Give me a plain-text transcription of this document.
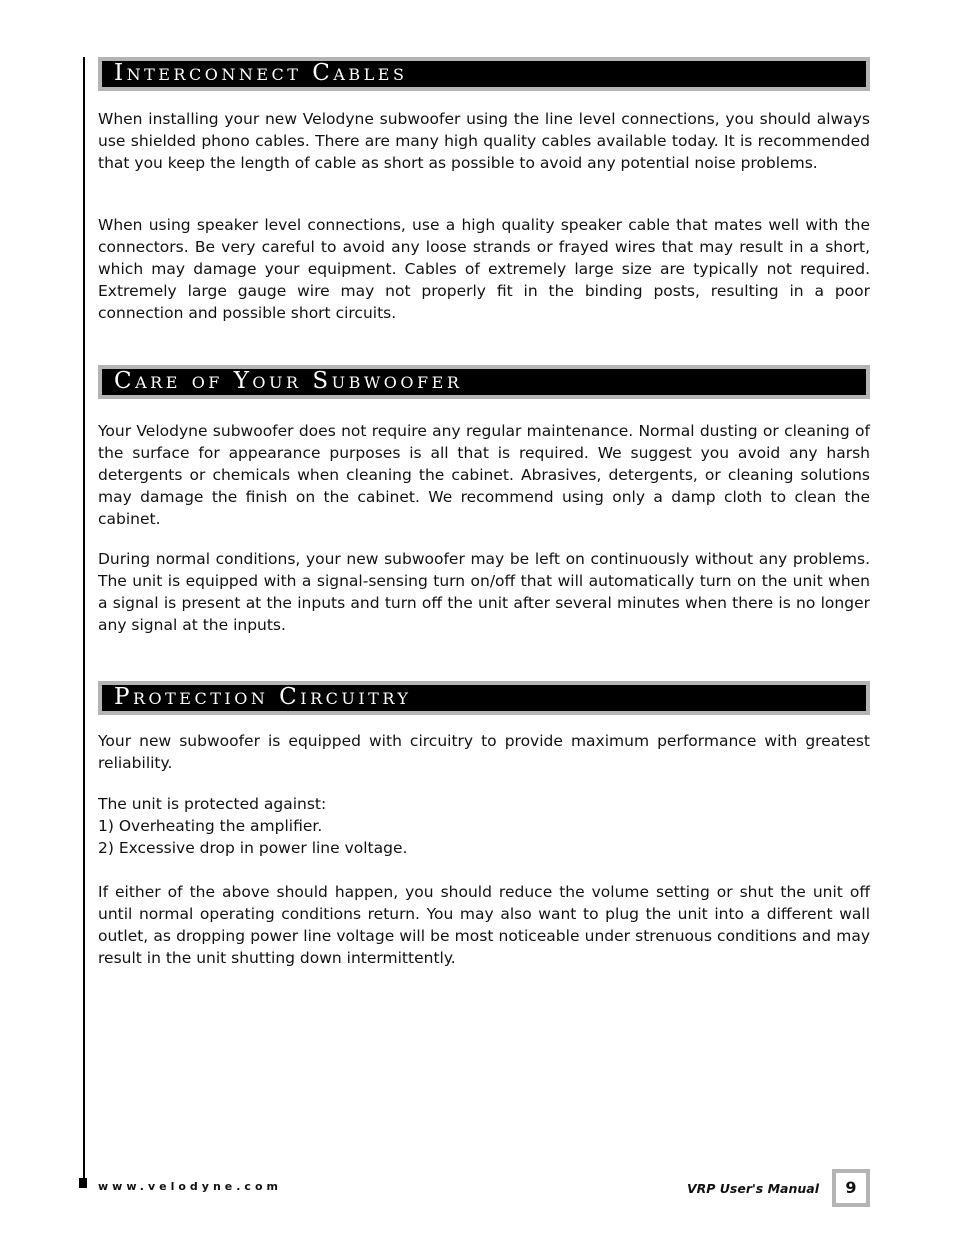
Interconnect Cables

When installing your new Velodyne subwoofer using the line level connections, you should always use shielded phono cables. There are many high quality cables available today. It is recommended that you keep the length of cable as short as possible to avoid any potential noise problems.

When using speaker level connections, use a high quality speaker cable that mates well with the connectors. Be very careful to avoid any loose strands or frayed wires that may result in a short, which may damage your equipment. Cables of extremely large size are typically not required. Extremely large gauge wire may not properly fit in the binding posts, resulting in a poor connection and possible short circuits.

Care of Your Subwoofer

Your Velodyne subwoofer does not require any regular maintenance. Normal dusting or cleaning of the surface for appearance purposes is all that is required. We suggest you avoid any harsh detergents or chemicals when cleaning the cabinet. Abrasives, detergents, or cleaning solutions may damage the finish on the cabinet. We recommend using only a damp cloth to clean the cabinet.

During normal conditions, your new subwoofer may be left on continuously without any problems. The unit is equipped with a signal-sensing turn on/off that will automatically turn on the unit when a signal is present at the inputs and turn off the unit after several minutes when there is no longer any signal at the inputs.

Protection Circuitry

Your new subwoofer is equipped with circuitry to provide maximum performance with greatest reliability.

The unit is protected against:
1) Overheating the amplifier.
2) Excessive drop in power line voltage.

If either of the above should happen, you should reduce the volume setting or shut the unit off until normal operating conditions return. You may also want to plug the unit into a different wall outlet, as dropping power line voltage will be most noticeable under strenuous conditions and may result in the unit shutting down intermittently.

www.velodyne.com	VRP User's Manual	9
